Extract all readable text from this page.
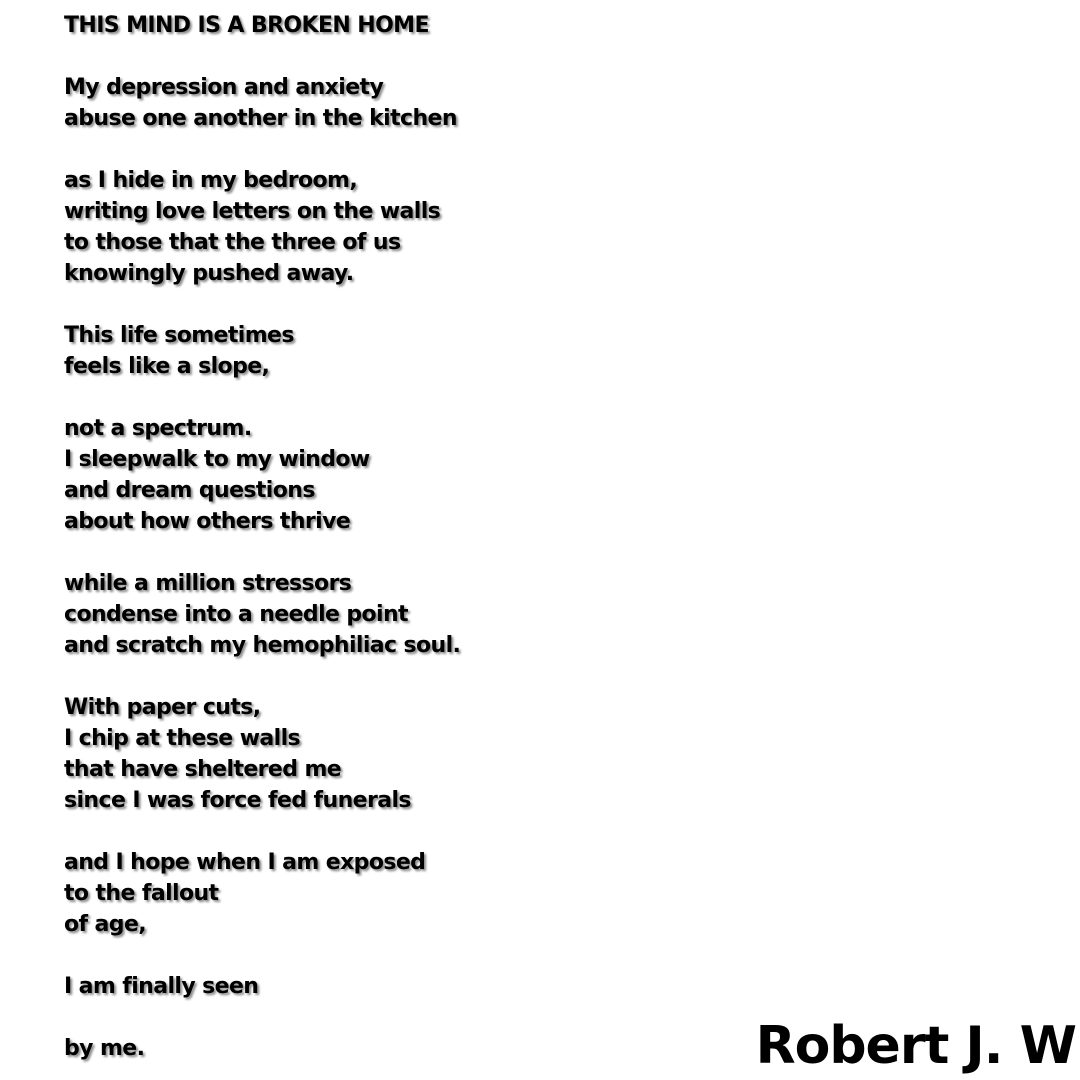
THIS MIND IS A BROKEN HOME
My depression and anxiety
abuse one another in the kitchen
as I hide in my bedroom,
writing love letters on the walls
to those that the three of us
knowingly pushed away.
This life sometimes
feels like a slope,
not a spectrum.
I sleepwalk to my window
and dream questions
about how others thrive
while a million stressors
condense into a needle point
and scratch my hemophiliac soul.
With paper cuts,
I chip at these walls
that have sheltered me
since I was force fed funerals
and I hope when I am exposed
to the fallout
of age,
I am finally seen
by me.	Robert J. W
